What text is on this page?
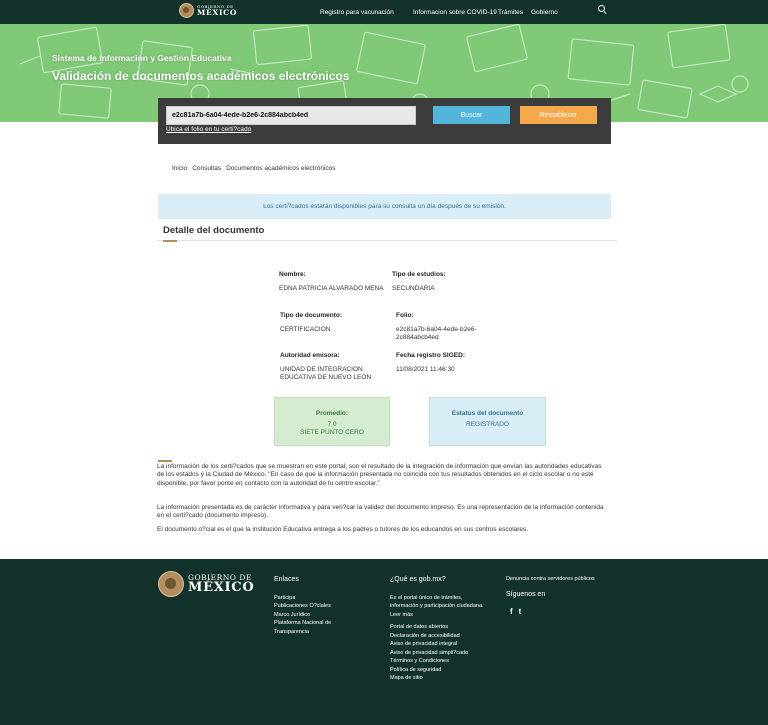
GOBIERNO DE
MÉXICO	Registro para vacunación	Informacion sobre COVID-19 Trámites Gobierno
Sistema de Información y Gestión Educativa
Validación de documentos académicos electrónicos
e2c81a7b-6a04-4ede-b2e6-2c884abcb4ed
Buscar	Restablecer
Ubica el folio en tu certi?cado
Inicio Consultas Documentos académicos electrónicos
Los certi?cados estarán disponibles para su consulta un día después de su emisión.
Detalle del documento
Nombre:
EDNA PATRICIA ALVARADO MENA
Tipo de estudios:
SECUNDARIA
Tipo de documento:
CERTIFICACION
Folio:
e2c81a7b-6a04-4ede-b2e6-2c884abcb4ed
Autoridad emisora:
UNIDAD DE INTEGRACION EDUCATIVA DE NUEVO LEÓN
Fecha registro SIGED:
11/08/2021 11:46:30
Promedio:
7.0
SIETE PUNTO CERO
Estatus del documento
REGISTRADO

La información de los certi?cados que se muestran en este portal, son el resultado de la integración de información que envían las autoridades educativas de los estados y la Ciudad de México. "En caso de que la información presentada no coincida con tus resultados obtenidos en el ciclo escolar o no esté disponible, por favor ponte en contacto con la autoridad de tu centro escolar."

La información presentada es de carácter informativa y para veri?car la validez del documento impreso. Es una representación de la información contenida en el certi?cado (documento impreso).

El documento o?cial es el que la institución Educativa entrega a los padres o tutores de los educandos en sus centros escolares.

GOBIERNO DE
MÉXICO
Enlaces
Participa
Publicaciones O?ciales
Marco Jurídico
Plataforma Nacional de Transparencia
¿Qué es gob.mx?
Es el portal único de trámites, información y participación ciudadana. Leer más
Portal de datos abiertos
Declaración de accesibilidad
Aviso de privacidad integral
Aviso de privacidad simpli?cado
Términos y Condiciones
Política de seguridad
Mapa de sitio
Denuncia contra servidores públicos
Síguenos en
f t
